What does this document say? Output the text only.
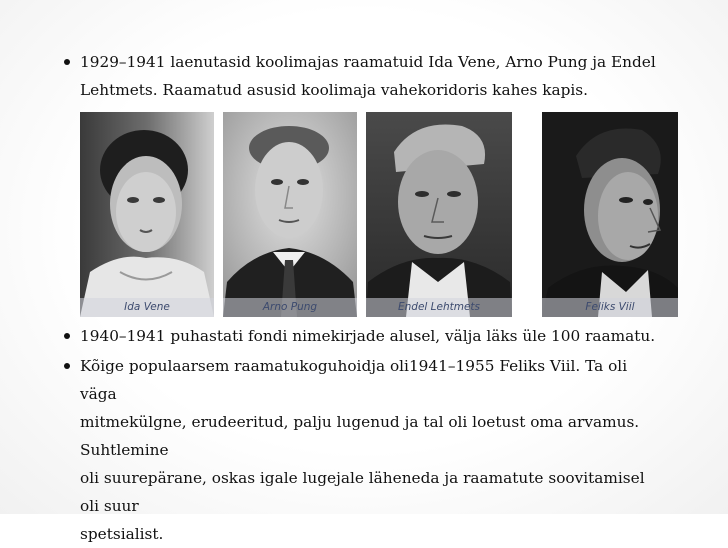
1929–1941 laenutasid koolimajas raamatuid Ida Vene, Arno Pung ja Endel
Lehtmets. Raamatud asusid koolimaja vahekoridoris kahes kapis.
Ida Vene	Arno Pung	Endel Lehtmets	Feliks Viil
1940–1941 puhastati fondi nimekirjade alusel, välja läks üle 100 raamatu.
Kõige populaarsem raamatukoguhoidja oli1941–1955 Feliks Viil. Ta oli väga
mitmekülgne, erudeeritud, palju lugenud ja tal oli loetust oma arvamus. Suhtlemine
oli suurepärane, oskas igale lugejale läheneda ja raamatute soovitamisel oli suur
spetsialist.
